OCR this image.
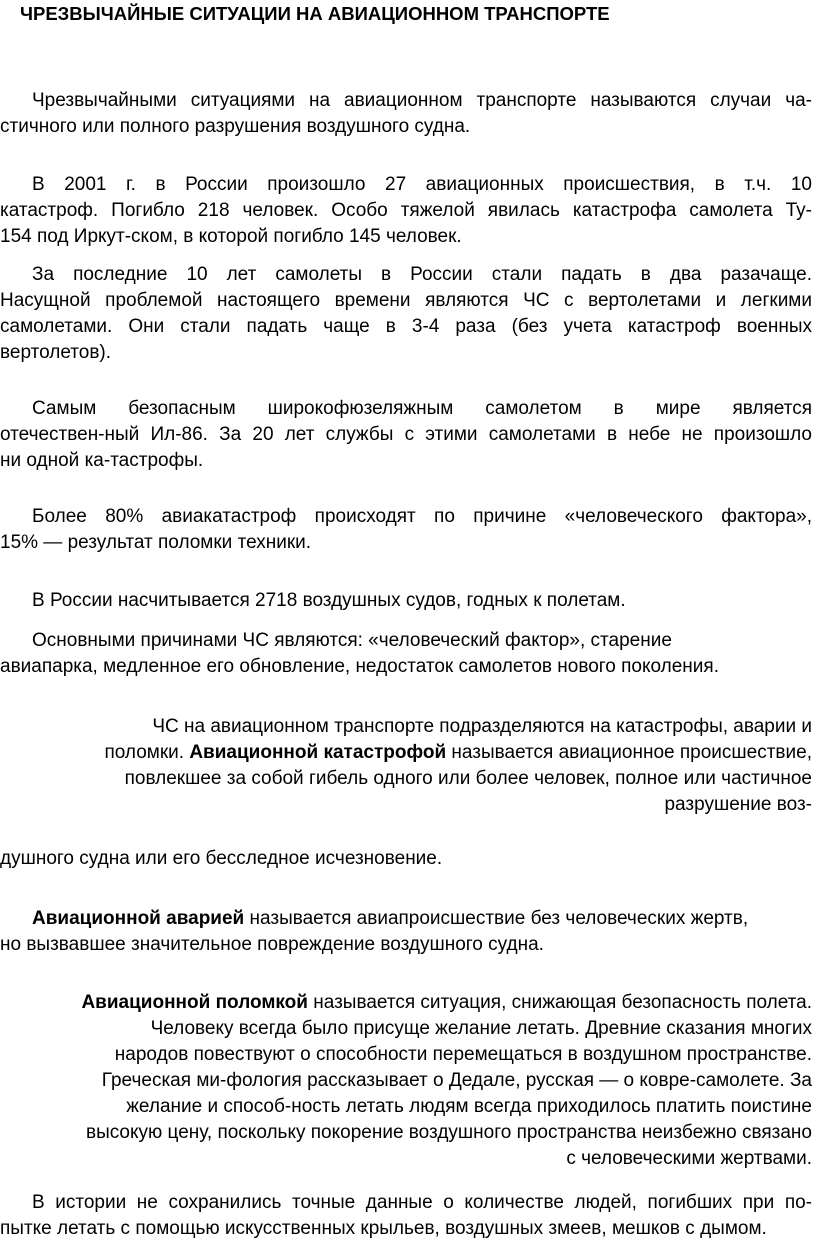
ЧРЕЗВЫЧАЙНЫЕ СИТУАЦИИ НА АВИАЦИОННОМ ТРАНСПОРТЕ
Чрезвычайными ситуациями на авиационном транспорте называются случаи ча-
стичного или полного разрушения воздушного судна.
В 2001 г. в России произошло 27 авиационных происшествия, в т.ч. 10
катастроф. Погибло 218 человек. Особо тяжелой явилась катастрофа самолета Ту-
154 под Иркут-ском, в которой погибло 145 человек.
За последние 10 лет самолеты в России стали падать в два разачаще.
Насущной проблемой настоящего времени являются ЧС с вертолетами и легкими
самолетами. Они стали падать чаще в 3-4 раза (без учета катастроф военных
вертолетов).
Самым безопасным широкофюзеляжным самолетом в мире является
отечествен-ный Ил-86. За 20 лет службы с этими самолетами в небе не произошло
ни одной ка-тастрофы.
Более 80% авиакатастроф происходят по причине «человеческого фактора»,
15% — результат поломки техники.
В России насчитывается 2718 воздушных судов, годных к полетам.
Основными причинами ЧС являются: «человеческий фактор», старение
авиапарка, медленное его обновление, недостаток самолетов нового поколения.
ЧС на авиационном транспорте подразделяются на катастрофы, аварии и
поломки. Авиационной катастрофой называется авиационное происшествие,
повлекшее за собой гибель одного или более человек, полное или частичное
разрушение воз-
душного судна или его бесследное исчезновение.
Авиационной аварией называется авиапроисшествие без человеческих жертв,
но вызвавшее значительное повреждение воздушного судна.
Авиационной поломкой называется ситуация, снижающая безопасность полета.
Человеку всегда было присуще желание летать. Древние сказания многих
народов повествуют о способности перемещаться в воздушном пространстве.
Греческая ми-фология рассказывает о Дедале, русская — о ковре-самолете. За
желание и способ-ность летать людям всегда приходилось платить поистине
высокую цену, поскольку покорение воздушного пространства неизбежно связано
с человеческими жертвами.
В истории не сохранились точные данные о количестве людей, погибших при по-
пытке летать с помощью искусственных крыльев, воздушных змеев, мешков с дымом.
